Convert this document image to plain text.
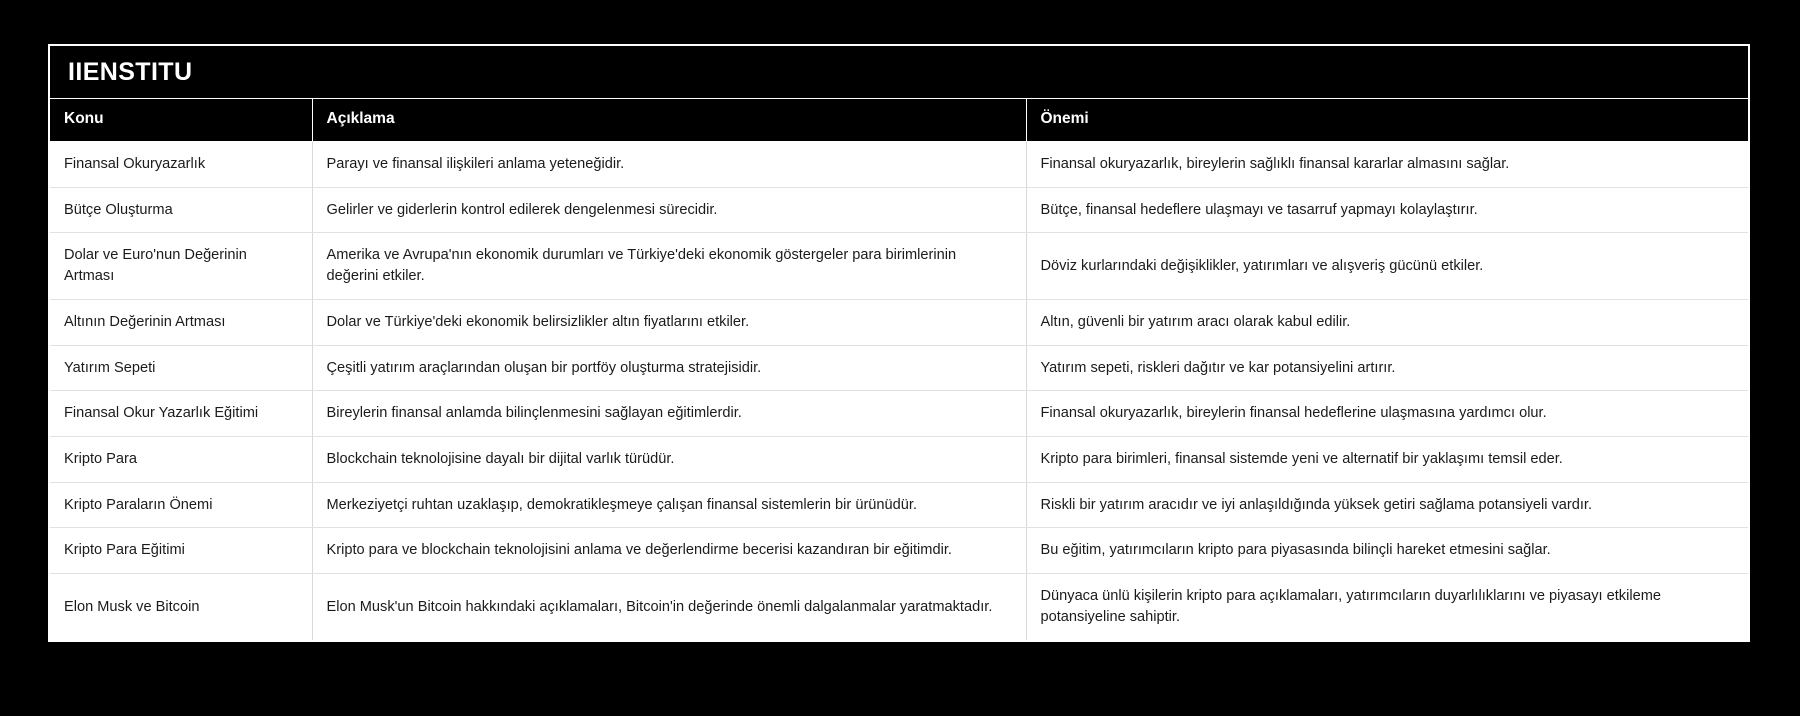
IIENSTITU
Konu	Açıklama	Önemi
Finansal Okuryazarlık	Parayı ve finansal ilişkileri anlama yeteneğidir.	Finansal okuryazarlık, bireylerin sağlıklı finansal kararlar almasını sağlar.
Bütçe Oluşturma	Gelirler ve giderlerin kontrol edilerek dengelenmesi sürecidir.	Bütçe, finansal hedeflere ulaşmayı ve tasarruf yapmayı kolaylaştırır.
Dolar ve Euro'nun Değerinin Artması	Amerika ve Avrupa'nın ekonomik durumları ve Türkiye'deki ekonomik göstergeler para birimlerinin değerini etkiler.	Döviz kurlarındaki değişiklikler, yatırımları ve alışveriş gücünü etkiler.
Altının Değerinin Artması	Dolar ve Türkiye'deki ekonomik belirsizlikler altın fiyatlarını etkiler.	Altın, güvenli bir yatırım aracı olarak kabul edilir.
Yatırım Sepeti	Çeşitli yatırım araçlarından oluşan bir portföy oluşturma stratejisidir.	Yatırım sepeti, riskleri dağıtır ve kar potansiyelini artırır.
Finansal Okur Yazarlık Eğitimi	Bireylerin finansal anlamda bilinçlenmesini sağlayan eğitimlerdir.	Finansal okuryazarlık, bireylerin finansal hedeflerine ulaşmasına yardımcı olur.
Kripto Para	Blockchain teknolojisine dayalı bir dijital varlık türüdür.	Kripto para birimleri, finansal sistemde yeni ve alternatif bir yaklaşımı temsil eder.
Kripto Paraların Önemi	Merkeziyetçi ruhtan uzaklaşıp, demokratikleşmeye çalışan finansal sistemlerin bir ürünüdür.	Riskli bir yatırım aracıdır ve iyi anlaşıldığında yüksek getiri sağlama potansiyeli vardır.
Kripto Para Eğitimi	Kripto para ve blockchain teknolojisini anlama ve değerlendirme becerisi kazandıran bir eğitimdir.	Bu eğitim, yatırımcıların kripto para piyasasında bilinçli hareket etmesini sağlar.
Elon Musk ve Bitcoin	Elon Musk'un Bitcoin hakkındaki açıklamaları, Bitcoin'in değerinde önemli dalgalanmalar yaratmaktadır.	Dünyaca ünlü kişilerin kripto para açıklamaları, yatırımcıların duyarlılıklarını ve piyasayı etkileme potansiyeline sahiptir.
